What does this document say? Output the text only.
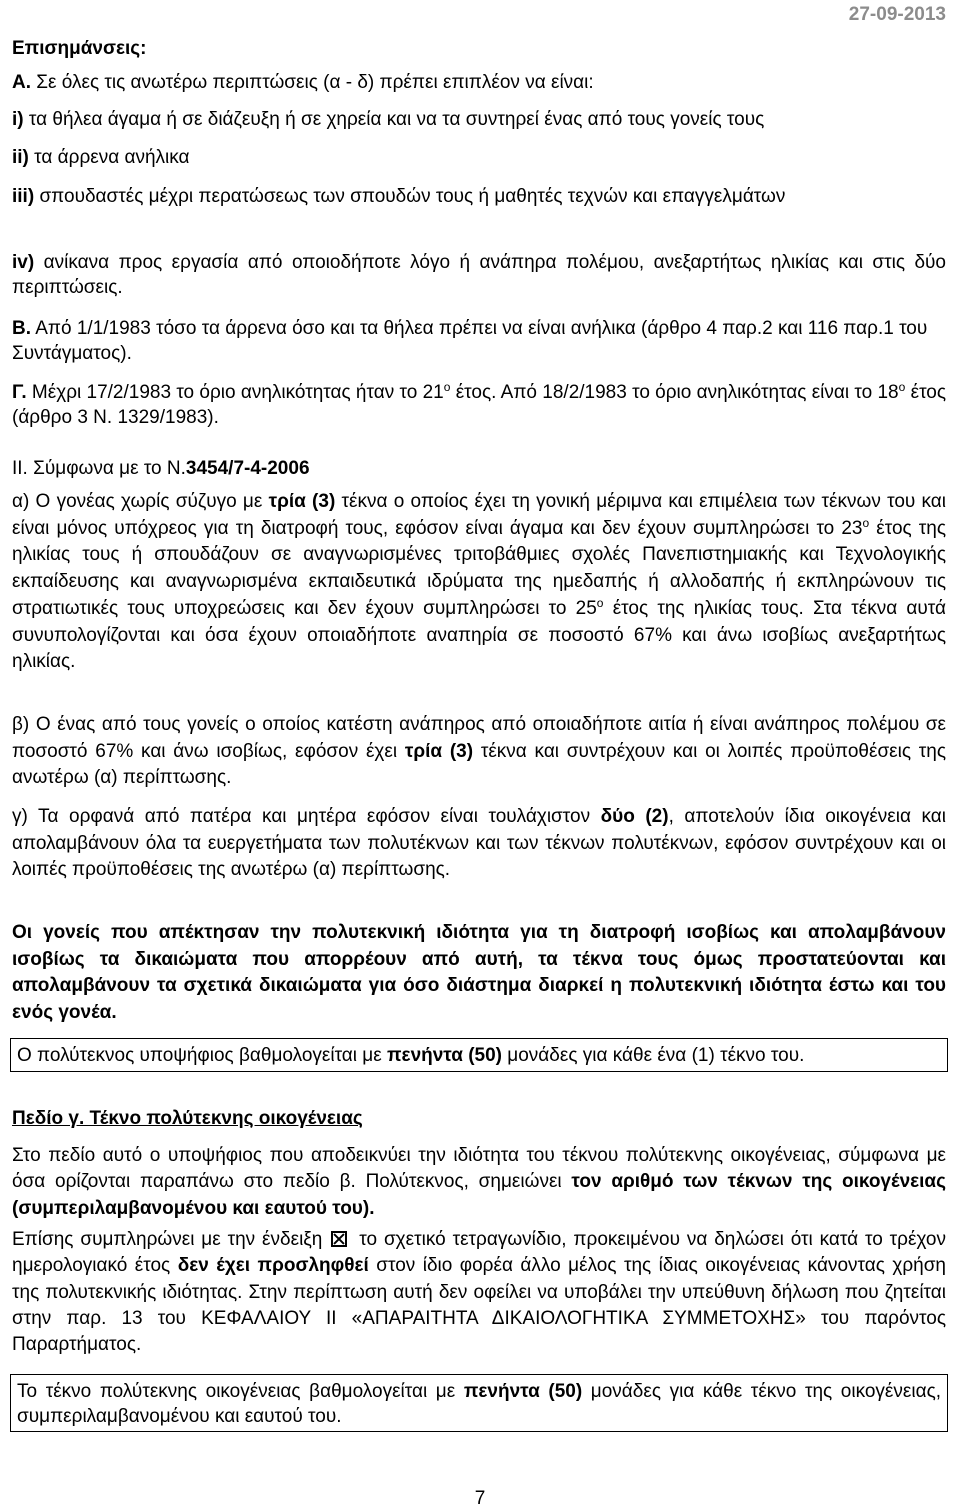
27-09-2013
Επισημάνσεις:
Α. Σε όλες τις ανωτέρω περιπτώσεις (α - δ) πρέπει επιπλέον να είναι:
i) τα θήλεα άγαμα ή σε διάζευξη ή σε χηρεία και να τα συντηρεί ένας από τους γονείς τους
ii) τα άρρενα ανήλικα
iii) σπουδαστές μέχρι περατώσεως των σπουδών τους ή μαθητές τεχνών και επαγγελμάτων
iv) ανίκανα προς εργασία από οποιοδήποτε λόγο ή ανάπηρα πολέμου, ανεξαρτήτως ηλικίας και στις δύο περιπτώσεις.
Β. Από 1/1/1983 τόσο τα άρρενα όσο και τα θήλεα πρέπει να είναι ανήλικα (άρθρο 4 παρ.2 και 116 παρ.1 του Συντάγματος).
Γ. Μέχρι 17/2/1983 το όριο ανηλικότητας ήταν το $21^o$ έτος. Από 18/2/1983 το όριο ανηλικότητας είναι το $18^o$ έτος (άρθρο 3 Ν. 1329/1983).
ΙΙ. Σύμφωνα με το Ν.3454/7-4-2006
α) Ο γονέας χωρίς σύζυγο με τρία (3) τέκνα ο οποίος έχει τη γονική μέριμνα και επιμέλεια των τέκνων του και είναι μόνος υπόχρεος για τη διατροφή τους, εφόσον είναι άγαμα και δεν έχουν συμπληρώσει το $23^o$ έτος της ηλικίας τους ή σπουδάζουν σε αναγνωρισμένες τριτοβάθμιες σχολές Πανεπιστημιακής και Τεχνολογικής εκπαίδευσης και αναγνωρισμένα εκπαιδευτικά ιδρύματα της ημεδαπής ή αλλοδαπής ή εκπληρώνουν τις στρατιωτικές τους υποχρεώσεις και δεν έχουν συμπληρώσει το $25^o$ έτος της ηλικίας τους. Στα τέκνα αυτά συνυπολογίζονται και όσα έχουν οποιαδήποτε αναπηρία σε ποσοστό 67% και άνω ισοβίως ανεξαρτήτως ηλικίας.
β) Ο ένας από τους γονείς ο οποίος κατέστη ανάπηρος από οποιαδήποτε αιτία ή είναι ανάπηρος πολέμου σε ποσοστό 67% και άνω ισοβίως, εφόσον έχει τρία (3) τέκνα και συντρέχουν και οι λοιπές προϋποθέσεις της ανωτέρω (α) περίπτωσης.
γ) Τα ορφανά από πατέρα και μητέρα εφόσον είναι τουλάχιστον δύο (2), αποτελούν ίδια οικογένεια και απολαμβάνουν όλα τα ευεργετήματα των πολυτέκνων και των τέκνων πολυτέκνων, εφόσον συντρέχουν και οι λοιπές προϋποθέσεις της ανωτέρω (α) περίπτωσης.
Οι γονείς που απέκτησαν την πολυτεκνική ιδιότητα για τη διατροφή ισοβίως και απολαμβάνουν ισοβίως τα δικαιώματα που απορρέουν από αυτή, τα τέκνα τους όμως προστατεύονται και απολαμβάνουν τα σχετικά δικαιώματα για όσο διάστημα διαρκεί η πολυτεκνική ιδιότητα έστω και του ενός γονέα.
Ο πολύτεκνος υποψήφιος βαθμολογείται με πενήντα (50) μονάδες για κάθε ένα (1) τέκνο του.
Πεδίο γ. Τέκνο πολύτεκνης οικογένειας
Στο πεδίο αυτό ο υποψήφιος που αποδεικνύει την ιδιότητα του τέκνου πολύτεκνης οικογένειας, σύμφωνα με όσα ορίζονται παραπάνω στο πεδίο β. Πολύτεκνος, σημειώνει τον αριθμό των τέκνων της οικογένειας (συμπεριλαμβανομένου και εαυτού του).
Επίσης συμπληρώνει με την ένδειξη το σχετικό τετραγωνίδιο, προκειμένου να δηλώσει ότι κατά το τρέχον ημερολογιακό έτος δεν έχει προσληφθεί στον ίδιο φορέα άλλο μέλος της ίδιας οικογένειας κάνοντας χρήση της πολυτεκνικής ιδιότητας. Στην περίπτωση αυτή δεν οφείλει να υποβάλει την υπεύθυνη δήλωση που ζητείται στην παρ. 13 του ΚΕΦΑΛΑΙΟΥ ΙΙ «ΑΠΑΡΑΙΤΗΤΑ ΔΙΚΑΙΟΛΟΓΗΤΙΚΑ ΣΥΜΜΕΤΟΧΗΣ» του παρόντος Παραρτήματος.
Το τέκνο πολύτεκνης οικογένειας βαθμολογείται με πενήντα (50) μονάδες για κάθε τέκνο της οικογένειας, συμπεριλαμβανομένου και εαυτού του.
7
